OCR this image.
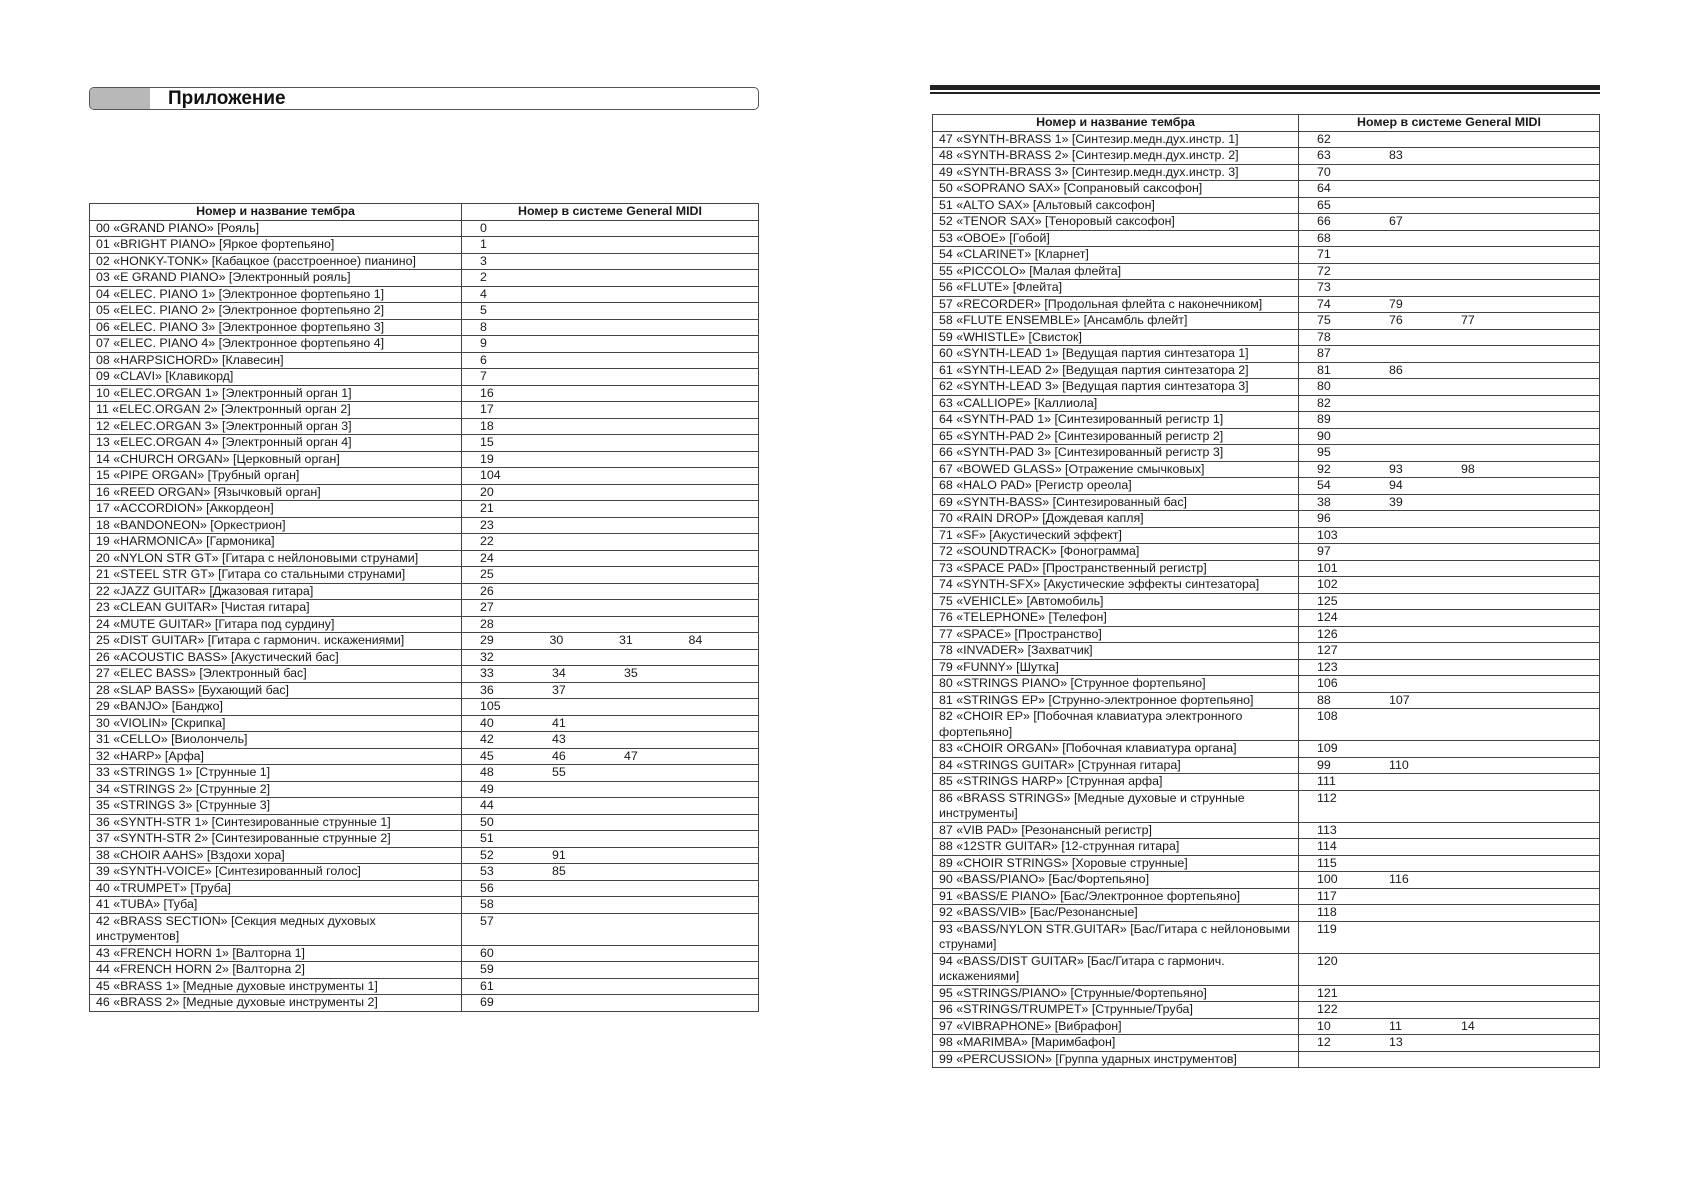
Приложение
Номер и название тембра	Номер в системе General MIDI
00 «GRAND PIANO» [Рояль]	0

01 «BRIGHT PIANO» [Яркое фортепьяно]	1

02 «HONKY-TONK» [Кабацкое (расстроенное) пианино]	3

03 «E GRAND PIANO» [Электронный рояль]	2

04 «ELEC. PIANO 1» [Электронное фортепьяно 1]	4

05 «ELEC. PIANO 2» [Электронное фортепьяно 2]	5

06 «ELEC. PIANO 3» [Электронное фортепьяно 3]	8

07 «ELEC. PIANO 4» [Электронное фортепьяно 4]	9

08 «HARPSICHORD» [Клавесин]	6

09 «CLAVI» [Клавикорд]	7

10 «ELEC.ORGAN 1» [Электронный орган 1]	16

11 «ELEC.ORGAN 2» [Электронный орган 2]	17

12 «ELEC.ORGAN 3» [Электронный орган 3]	18

13 «ELEC.ORGAN 4» [Электронный орган 4]	15

14 «CHURCH ORGAN» [Церковный орган]	19

15 «PIPE ORGAN» [Трубный орган]	104

16 «REED ORGAN» [Язычковый орган]	20

17 «ACCORDION» [Аккордеон]	21

18 «BANDONEON» [Оркестрион]	23

19 «HARMONICA» [Гармоника]	22

20 «NYLON STR GT» [Гитара с нейлоновыми струнами]	24

21 «STEEL STR GT» [Гитара со стальными струнами]	25

22 «JAZZ GUITAR» [Джазовая гитара]	26

23 «CLEAN GUITAR» [Чистая гитара]	27

24 «MUTE GUITAR» [Гитара под сурдину]	28

25 «DIST GUITAR» [Гитара с гармонич. искажениями]	29 30 31 84

26 «ACOUSTIC BASS» [Акустический бас]	32

27 «ELEC BASS» [Электронный бас]	33 34 35

28 «SLAP BASS» [Бухающий бас]	36 37

29 «BANJO» [Банджо]	105

30 «VIOLIN» [Скрипка]	40 41

31 «CELLO» [Виолончель]	42 43

32 «HARP» [Арфа]	45 46 47

33 «STRINGS 1» [Струнные 1]	48 55

34 «STRINGS 2» [Струнные 2]	49

35 «STRINGS 3» [Струнные 3]	44

36 «SYNTH-STR 1» [Синтезированные струнные 1]	50

37 «SYNTH-STR 2» [Синтезированные струнные 2]	51

38 «CHOIR AAHS» [Вздохи хора]	52 91

39 «SYNTH-VOICE» [Синтезированный голос]	53 85

40 «TRUMPET» [Труба]	56

41 «TUBA» [Туба]	58

42 «BRASS SECTION» [Секция медных духовых инструментов]	57

43 «FRENCH HORN 1» [Валторна 1]	60

44 «FRENCH HORN 2» [Валторна 2]	59

45 «BRASS 1» [Медные духовые инструменты 1]	61

46 «BRASS 2» [Медные духовые инструменты 2]	69
Номер и название тембра	Номер в системе General MIDI
47 «SYNTH-BRASS 1» [Синтезир.медн.дух.инстр. 1]	62

48 «SYNTH-BRASS 2» [Синтезир.медн.дух.инстр. 2]	63 83

49 «SYNTH-BRASS 3» [Синтезир.медн.дух.инстр. 3]	70

50 «SOPRANO SAX» [Сопрановый саксофон]	64

51 «ALTO SAX» [Альтовый саксофон]	65

52 «TENOR SAX» [Теноровый саксофон]	66 67

53 «OBOE» [Гобой]	68

54 «CLARINET» [Кларнет]	71

55 «PICCOLO» [Малая флейта]	72

56 «FLUTE» [Флейта]	73

57 «RECORDER» [Продольная флейта с наконечником]	74 79

58 «FLUTE ENSEMBLE» [Ансамбль флейт]	75 76 77

59 «WHISTLE» [Свисток]	78

60 «SYNTH-LEAD 1» [Ведущая партия синтезатора 1]	87

61 «SYNTH-LEAD 2» [Ведущая партия синтезатора 2]	81 86

62 «SYNTH-LEAD 3» [Ведущая партия синтезатора 3]	80

63 «CALLIOPE» [Каллиола]	82

64 «SYNTH-PAD 1» [Синтезированный регистр 1]	89

65 «SYNTH-PAD 2» [Синтезированный регистр 2]	90

66 «SYNTH-PAD 3» [Синтезированный регистр 3]	95

67 «BOWED GLASS» [Отражение смычковых]	92 93 98

68 «HALO PAD» [Регистр ореола]	54 94

69 «SYNTH-BASS» [Синтезированный бас]	38 39

70 «RAIN DROP» [Дождевая капля]	96

71 «SF» [Акустический эффект]	103

72 «SOUNDTRACK» [Фонограмма]	97

73 «SPACE PAD» [Пространственный регистр]	101

74 «SYNTH-SFX» [Акустические эффекты синтезатора]	102

75 «VEHICLE» [Автомобиль]	125

76 «TELEPHONE» [Телефон]	124

77 «SPACE» [Пространство]	126

78 «INVADER» [Захватчик]	127

79 «FUNNY» [Шутка]	123

80 «STRINGS PIANO» [Струнное фортепьяно]	106

81 «STRINGS EP» [Струнно-электронное фортепьяно]	88 107

82 «CHOIR EP» [Побочная клавиатура электронного фортепьяно]	108

83 «CHOIR ORGAN» [Побочная клавиатура органа]	109

84 «STRINGS GUITAR» [Струнная гитара]	99 110

85 «STRINGS HARP» [Струнная арфа]	111

86 «BRASS STRINGS» [Медные духовые и струнные инструменты]	112

87 «VIB PAD» [Резонансный регистр]	113

88 «12STR GUITAR» [12-струнная гитара]	114

89 «CHOIR STRINGS» [Хоровые струнные]	115

90 «BASS/PIANO» [Бас/Фортепьяно]	100 116

91 «BASS/E PIANO» [Бас/Электронное фортепьяно]	117

92 «BASS/VIB» [Бас/Резонансные]	118

93 «BASS/NYLON STR.GUITAR» [Бас/Гитара с нейлоновыми струнами]	119

94 «BASS/DIST GUITAR» [Бас/Гитара с гармонич. искажениями]	120

95 «STRINGS/PIANO» [Струнные/Фортепьяно]	121

96 «STRINGS/TRUMPET» [Струнные/Труба]	122

97 «VIBRAPHONE» [Вибрафон]	10 11 14

98 «MARIMBA» [Маримбафон]	12 13

99 «PERCUSSION» [Группа ударных инструментов]	
